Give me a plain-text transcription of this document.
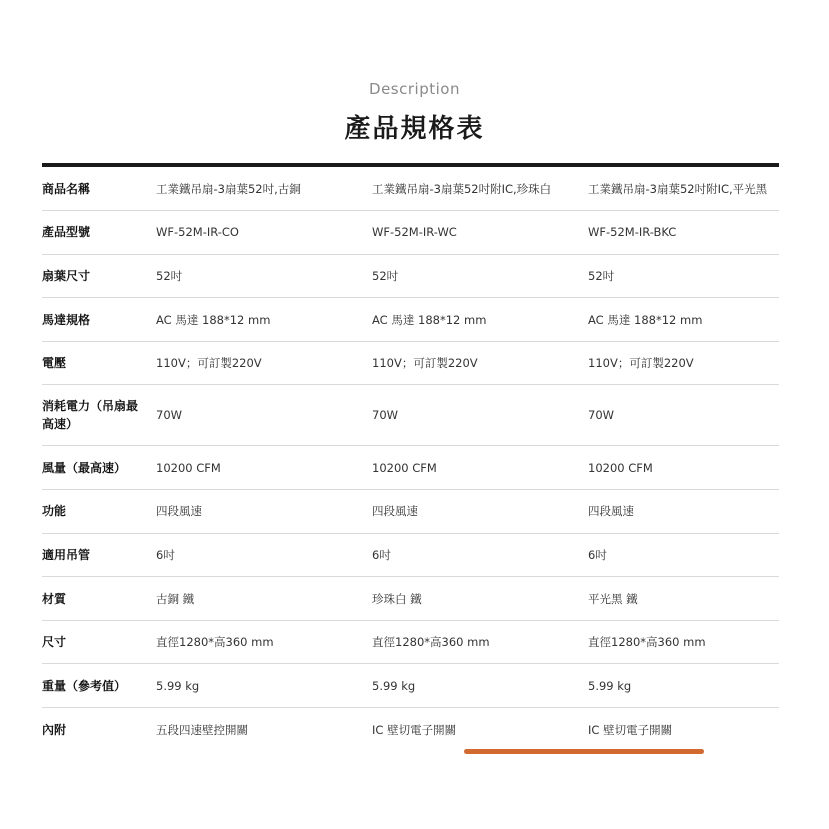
Description
產品規格表
商品名稱	工業鐵吊扇-3扇葉52吋,古銅	工業鐵吊扇-3扇葉52吋附IC,珍珠白	工業鐵吊扇-3扇葉52吋附IC,平光黑
產品型號	WF-52M-IR-CO	WF-52M-IR-WC	WF-52M-IR-BKC
扇葉尺寸	52吋	52吋	52吋
馬達規格	AC 馬達 188*12 mm	AC 馬達 188*12 mm	AC 馬達 188*12 mm
電壓	110V；可訂製220V	110V；可訂製220V	110V；可訂製220V
消耗電力（吊扇最高速）	70W	70W	70W
風量（最高速）	10200 CFM	10200 CFM	10200 CFM
功能	四段風速	四段風速	四段風速
適用吊管	6吋	6吋	6吋
材質	古銅 鐵	珍珠白 鐵	平光黑 鐵
尺寸	直徑1280*高360 mm	直徑1280*高360 mm	直徑1280*高360 mm
重量（參考值）	5.99 kg	5.99 kg	5.99 kg
內附	五段四速壁控開關	IC 壁切電子開關	IC 壁切電子開關
